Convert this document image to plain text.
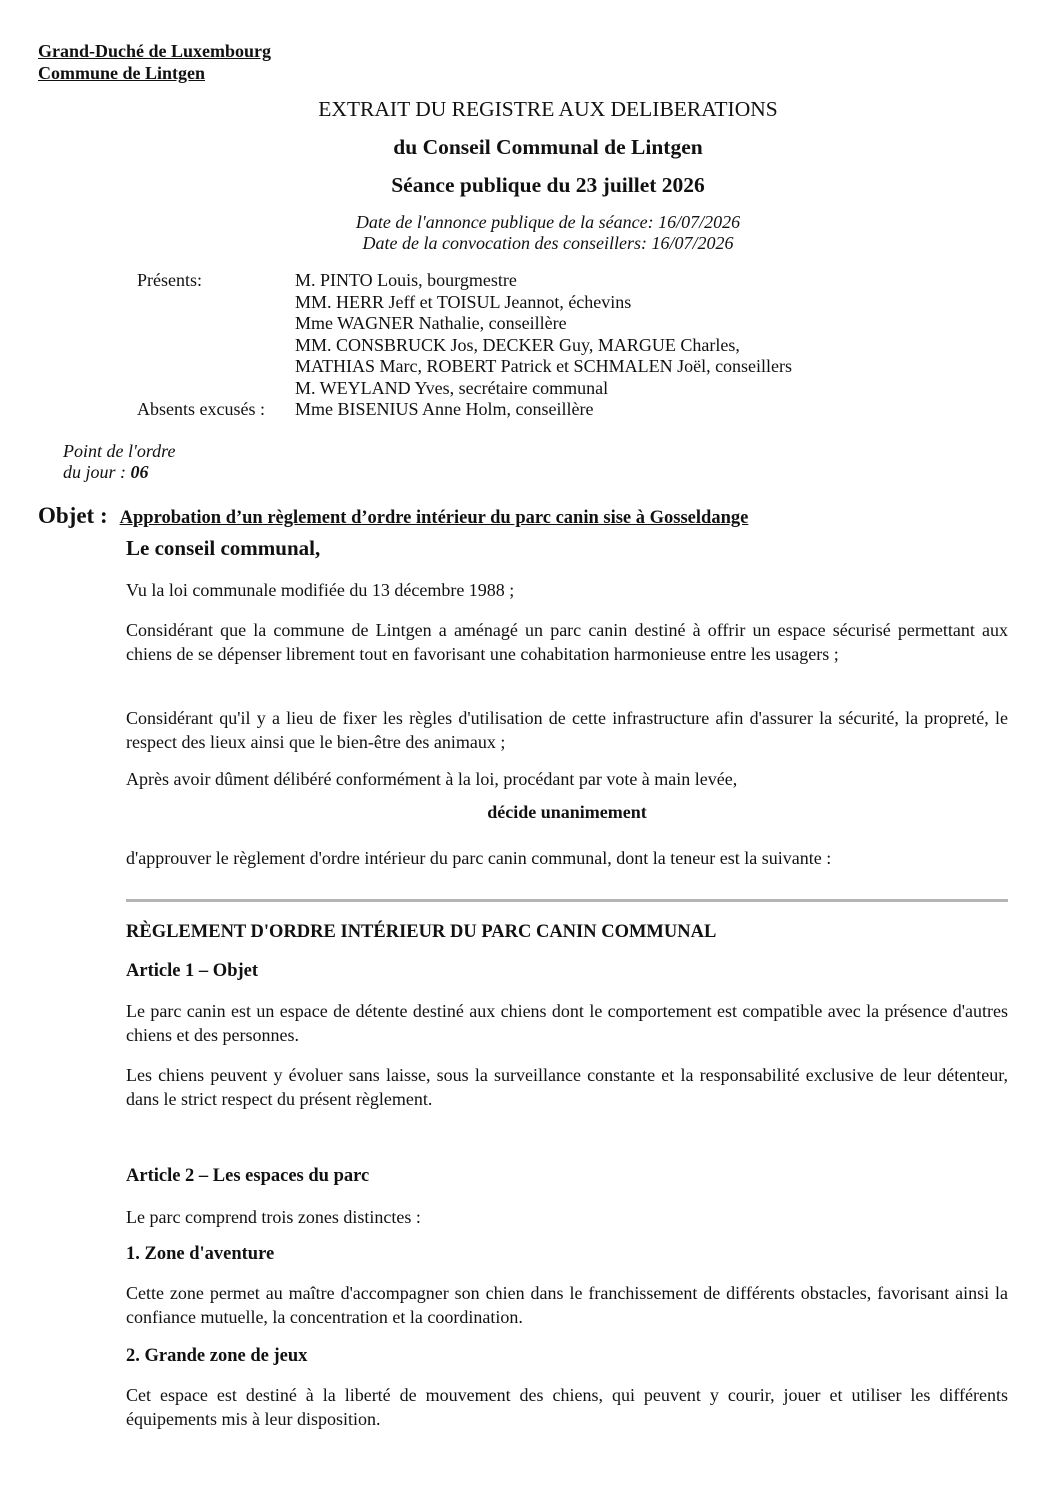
Grand-Duché de Luxembourg
Commune de Lintgen
EXTRAIT DU REGISTRE AUX DELIBERATIONS
du Conseil Communal de Lintgen
Séance publique du 23 juillet 2026
Date de l'annonce publique de la séance: 16/07/2026
Date de la convocation des conseillers: 16/07/2026
Présents:	M. PINTO Louis, bourgmestre
MM. HERR Jeff et TOISUL Jeannot, échevins
Mme WAGNER Nathalie, conseillère
MM. CONSBRUCK Jos, DECKER Guy, MARGUE Charles,
MATHIAS Marc, ROBERT Patrick et SCHMALEN Joël, conseillers
M. WEYLAND Yves, secrétaire communal
Absents excusés :	Mme BISENIUS Anne Holm, conseillère
Point de l'ordre
du jour : 06
Objet : Approbation d’un règlement d’ordre intérieur du parc canin sise à Gosseldange
Le conseil communal,
Vu la loi communale modifiée du 13 décembre 1988 ;
Considérant que la commune de Lintgen a aménagé un parc canin destiné à offrir un espace sécurisé permettant aux chiens de se dépenser librement tout en favorisant une cohabitation harmonieuse entre les usagers ;
Considérant qu'il y a lieu de fixer les règles d'utilisation de cette infrastructure afin d'assurer la sécurité, la propreté, le respect des lieux ainsi que le bien-être des animaux ;
Après avoir dûment délibéré conformément à la loi, procédant par vote à main levée,
décide unanimement
d'approuver le règlement d'ordre intérieur du parc canin communal, dont la teneur est la suivante :
RÈGLEMENT D'ORDRE INTÉRIEUR DU PARC CANIN COMMUNAL
Article 1 – Objet
Le parc canin est un espace de détente destiné aux chiens dont le comportement est compatible avec la présence d'autres chiens et des personnes.
Les chiens peuvent y évoluer sans laisse, sous la surveillance constante et la responsabilité exclusive de leur détenteur, dans le strict respect du présent règlement.
Article 2 – Les espaces du parc
Le parc comprend trois zones distinctes :
1. Zone d'aventure
Cette zone permet au maître d'accompagner son chien dans le franchissement de différents obstacles, favorisant ainsi la confiance mutuelle, la concentration et la coordination.
2. Grande zone de jeux
Cet espace est destiné à la liberté de mouvement des chiens, qui peuvent y courir, jouer et utiliser les différents équipements mis à leur disposition.
